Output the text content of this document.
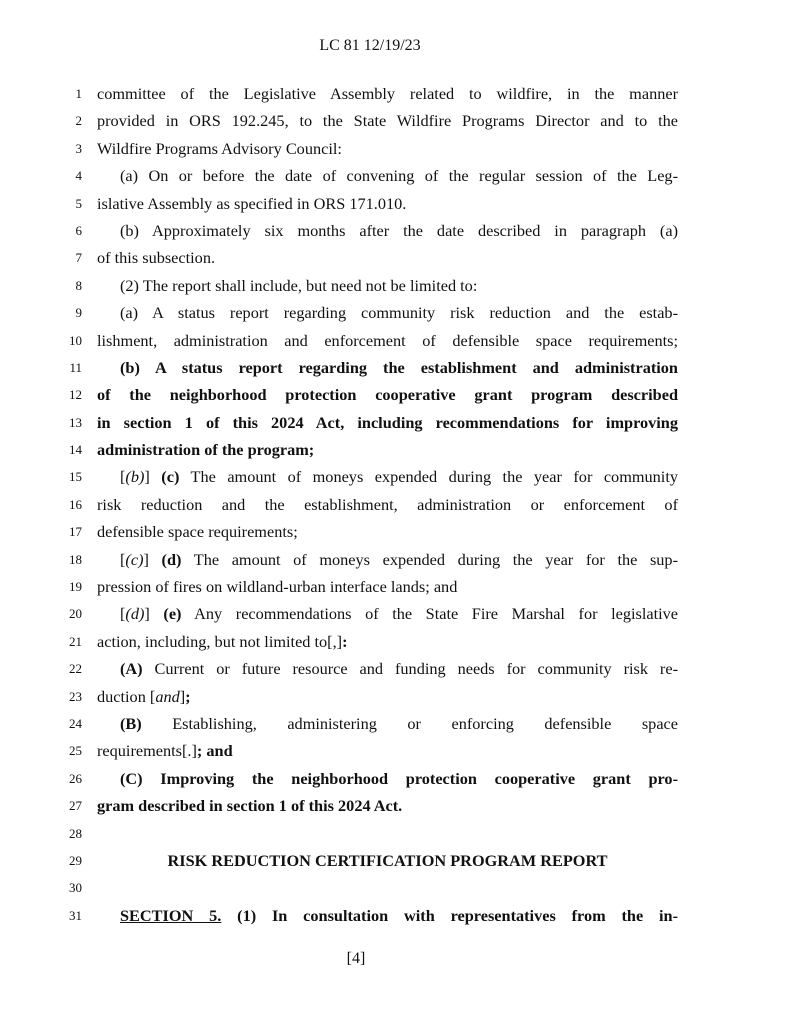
LC 81 12/19/23
1 committee of the Legislative Assembly related to wildfire, in the manner
2 provided in ORS 192.245, to the State Wildfire Programs Director and to the
3 Wildfire Programs Advisory Council:
4 (a) On or before the date of convening of the regular session of the Leg-
5 islative Assembly as specified in ORS 171.010.
6 (b) Approximately six months after the date described in paragraph (a)
7 of this subsection.
8 (2) The report shall include, but need not be limited to:
9 (a) A status report regarding community risk reduction and the estab-
10 lishment, administration and enforcement of defensible space requirements;
11 (b) A status report regarding the establishment and administration
12 of the neighborhood protection cooperative grant program described
13 in section 1 of this 2024 Act, including recommendations for improving
14 administration of the program;
15 [(b)] (c) The amount of moneys expended during the year for community
16 risk reduction and the establishment, administration or enforcement of
17 defensible space requirements;
18 [(c)] (d) The amount of moneys expended during the year for the sup-
19 pression of fires on wildland-urban interface lands; and
20 [(d)] (e) Any recommendations of the State Fire Marshal for legislative
21 action, including, but not limited to[,]:
22 (A) Current or future resource and funding needs for community risk re-
23 duction [and];
24 (B) Establishing, administering or enforcing defensible space
25 requirements[.]; and
26 (C) Improving the neighborhood protection cooperative grant pro-
27 gram described in section 1 of this 2024 Act.
28
29	RISK REDUCTION CERTIFICATION PROGRAM REPORT
30
31 SECTION 5. (1) In consultation with representatives from the in-
[4]
